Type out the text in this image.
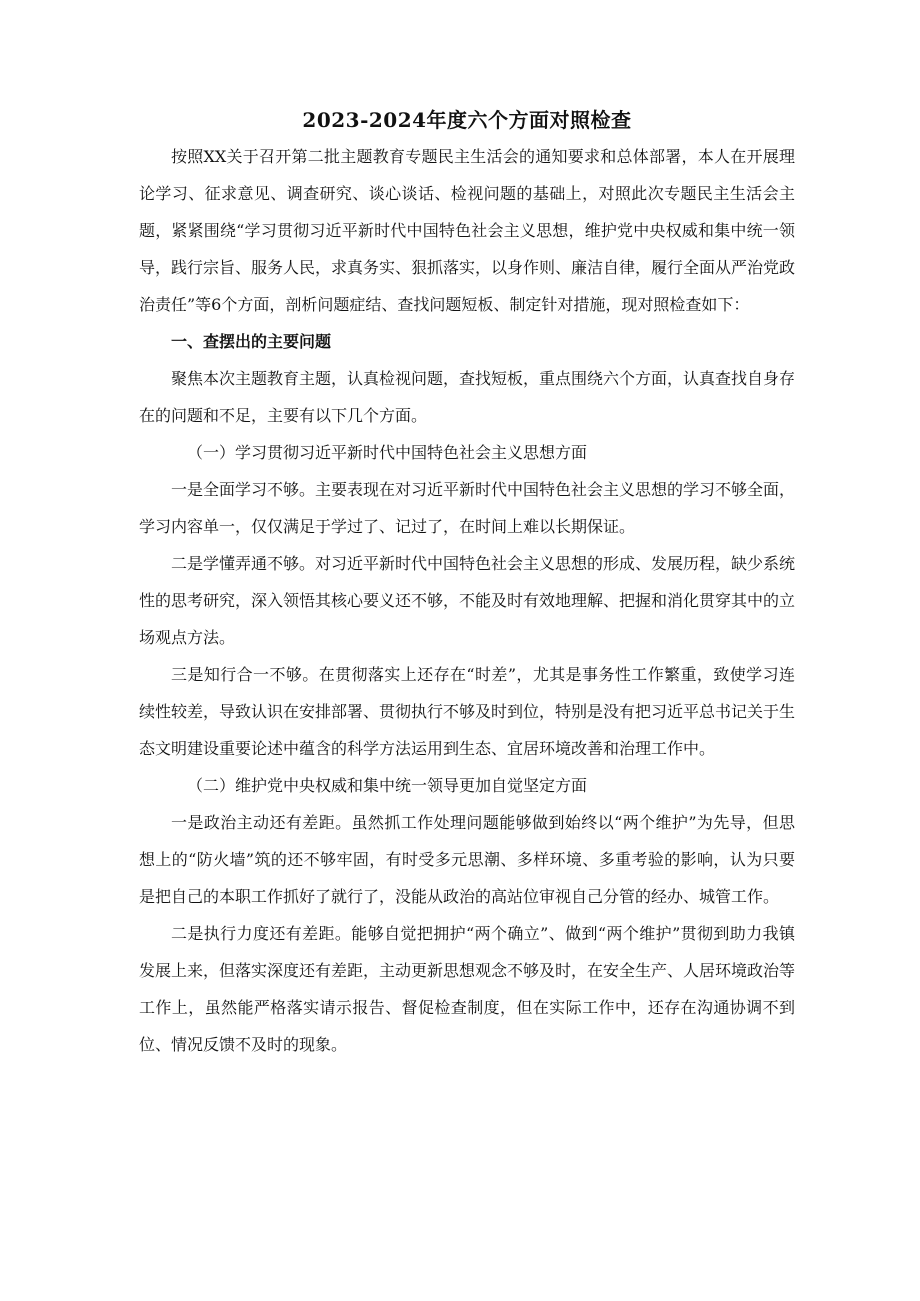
2023-2024年度六个方面对照检查

按照XX关于召开第二批主题教育专题民主生活会的通知要求和总体部署，本人在开展理论学习、征求意见、调查研究、谈心谈话、检视问题的基础上，对照此次专题民主生活会主题，紧紧围绕“学习贯彻习近平新时代中国特色社会主义思想，维护党中央权威和集中统一领导，践行宗旨、服务人民，求真务实、狠抓落实，以身作则、廉洁自律，履行全面从严治党政治责任”等6个方面，剖析问题症结、查找问题短板、制定针对措施，现对照检查如下：

一、查摆出的主要问题

聚焦本次主题教育主题，认真检视问题，查找短板，重点围绕六个方面，认真查找自身存在的问题和不足，主要有以下几个方面。

（一）学习贯彻习近平新时代中国特色社会主义思想方面

一是全面学习不够。主要表现在对习近平新时代中国特色社会主义思想的学习不够全面，学习内容单一，仅仅满足于学过了、记过了，在时间上难以长期保证。

二是学懂弄通不够。对习近平新时代中国特色社会主义思想的形成、发展历程，缺少系统性的思考研究，深入领悟其核心要义还不够，不能及时有效地理解、把握和消化贯穿其中的立场观点方法。

三是知行合一不够。在贯彻落实上还存在“时差”，尤其是事务性工作繁重，致使学习连续性较差，导致认识在安排部署、贯彻执行不够及时到位，特别是没有把习近平总书记关于生态文明建设重要论述中蕴含的科学方法运用到生态、宜居环境改善和治理工作中。

（二）维护党中央权威和集中统一领导更加自觉坚定方面

一是政治主动还有差距。虽然抓工作处理问题能够做到始终以“两个维护”为先导，但思想上的“防火墙”筑的还不够牢固，有时受多元思潮、多样环境、多重考验的影响，认为只要是把自己的本职工作抓好了就行了，没能从政治的高站位审视自己分管的经办、城管工作。

二是执行力度还有差距。能够自觉把拥护“两个确立”、做到“两个维护”贯彻到助力我镇发展上来，但落实深度还有差距，主动更新思想观念不够及时，在安全生产、人居环境政治等工作上，虽然能严格落实请示报告、督促检查制度，但在实际工作中，还存在沟通协调不到位、情况反馈不及时的现象。
